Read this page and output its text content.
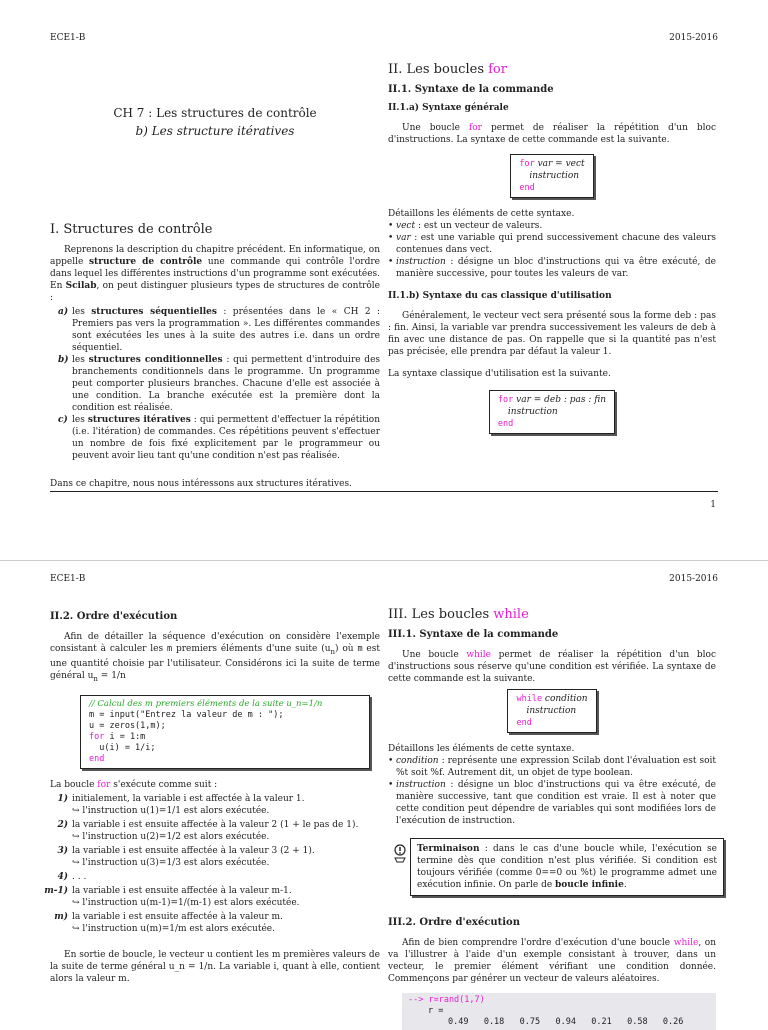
ECE1-B	2015-2016
CH 7 : Les structures de contrôle
b) Les structure itératives
I. Structures de contrôle

Reprenons la description du chapitre précédent. En informatique, on appelle structure de contrôle une commande qui contrôle l'ordre dans lequel les différentes instructions d'un programme sont exécutées. En Scilab, on peut distinguer plusieurs types de structures de contrôle :

a) les structures séquentielles : présentées dans le « CH 2 : Premiers pas vers la programmation ». Les différentes commandes sont exécutées les unes à la suite des autres i.e. dans un ordre séquentiel.
b) les structures conditionnelles : qui permettent d'introduire des branchements conditionnels dans le programme. Un programme peut comporter plusieurs branches. Chacune d'elle est associée à une condition. La branche exécutée est la première dont la condition est réalisée.
c) les structures itératives : qui permettent d'effectuer la répétition (i.e. l'itération) de commandes. Ces répétitions peuvent s'effectuer un nombre de fois fixé explicitement par le programmeur ou peuvent avoir lieu tant qu'une condition n'est pas réalisée.

Dans ce chapitre, nous nous intéressons aux structures itératives.

II. Les boucles for
II.1. Syntaxe de la commande
II.1.a) Syntaxe générale

Une boucle for permet de réaliser la répétition d'un bloc d'instructions. La syntaxe de cette commande est la suivante.

for var = vect
instruction
end

Détaillons les éléments de cette syntaxe.

• vect : est un vecteur de valeurs.
• var : est une variable qui prend successivement chacune des valeurs contenues dans vect.
• instruction : désigne un bloc d'instructions qui va être exécuté, de manière successive, pour toutes les valeurs de var.
II.1.b) Syntaxe du cas classique d'utilisation

Généralement, le vecteur vect sera présenté sous la forme deb : pas : fin. Ainsi, la variable var prendra successivement les valeurs de deb à fin avec une distance de pas. On rappelle que si la quantité pas n'est pas précisée, elle prendra par défaut la valeur 1.

La syntaxe classique d'utilisation est la suivante.

for var = deb : pas : fin
instruction
end
1
ECE1-B	2015-2016
II.2. Ordre d'exécution

Afin de détailler la séquence d'exécution on considère l'exemple consistant à calculer les m premiers éléments d'une suite $(u_n)$ où m est une quantité choisie par l'utilisateur. Considérons ici la suite de terme général $u_n = 1/n$

// Calcul des m premiers éléments de la suite u_n=1/n
m = input("Entrez la valeur de m : ");
u = zeros(1,m);
for i = 1:m
u(i) = 1/i;
end

La boucle for s'exécute comme suit :

1) initialement, la variable i est affectée à la valeur 1.
↪ l'instruction u(1)=1/1 est alors exécutée.
2) la variable i est ensuite affectée à la valeur 2 (1 + le pas de 1).
↪ l'instruction u(2)=1/2 est alors exécutée.
3) la variable i est ensuite affectée à la valeur 3 (2 + 1).
↪ l'instruction u(3)=1/3 est alors exécutée.
4) . . .
m-1) la variable i est ensuite affectée à la valeur m-1.
↪ l'instruction u(m-1)=1/(m-1) est alors exécutée.
m) la variable i est ensuite affectée à la valeur m.
↪ l'instruction u(m)=1/m est alors exécutée.

En sortie de boucle, le vecteur u contient les m premières valeurs de la suite de terme général u_n = 1/n. La variable i, quant à elle, contient alors la valeur m.

III. Les boucles while
III.1. Syntaxe de la commande

Une boucle while permet de réaliser la répétition d'un bloc d'instructions sous réserve qu'une condition est vérifiée. La syntaxe de cette commande est la suivante.

while condition
instruction
end

Détaillons les éléments de cette syntaxe.

• condition : représente une expression Scilab dont l'évaluation est soit %t soit %f. Autrement dit, un objet de type boolean.
• instruction : désigne un bloc d'instructions qui va être exécuté, de manière successive, tant que condition est vraie. Il est à noter que cette condition peut dépendre de variables qui sont modifiées lors de l'exécution de instruction.
Terminaison : dans le cas d'une boucle while, l'exécution se termine dès que condition n'est plus vérifiée. Si condition est toujours vérifiée (comme 0==0 ou %t) le programme admet une exécution infinie. On parle de boucle infinie.
III.2. Ordre d'exécution

Afin de bien comprendre l'ordre d'exécution d'une boucle while, on va l'illustrer à l'aide d'un exemple consistant à trouver, dans un vecteur, le premier élément vérifiant une condition donnée. Commençons par générer un vecteur de valeurs aléatoires.

--> r=rand(1,7)
r =
0.49   0.18   0.75   0.94   0.21   0.58   0.26
